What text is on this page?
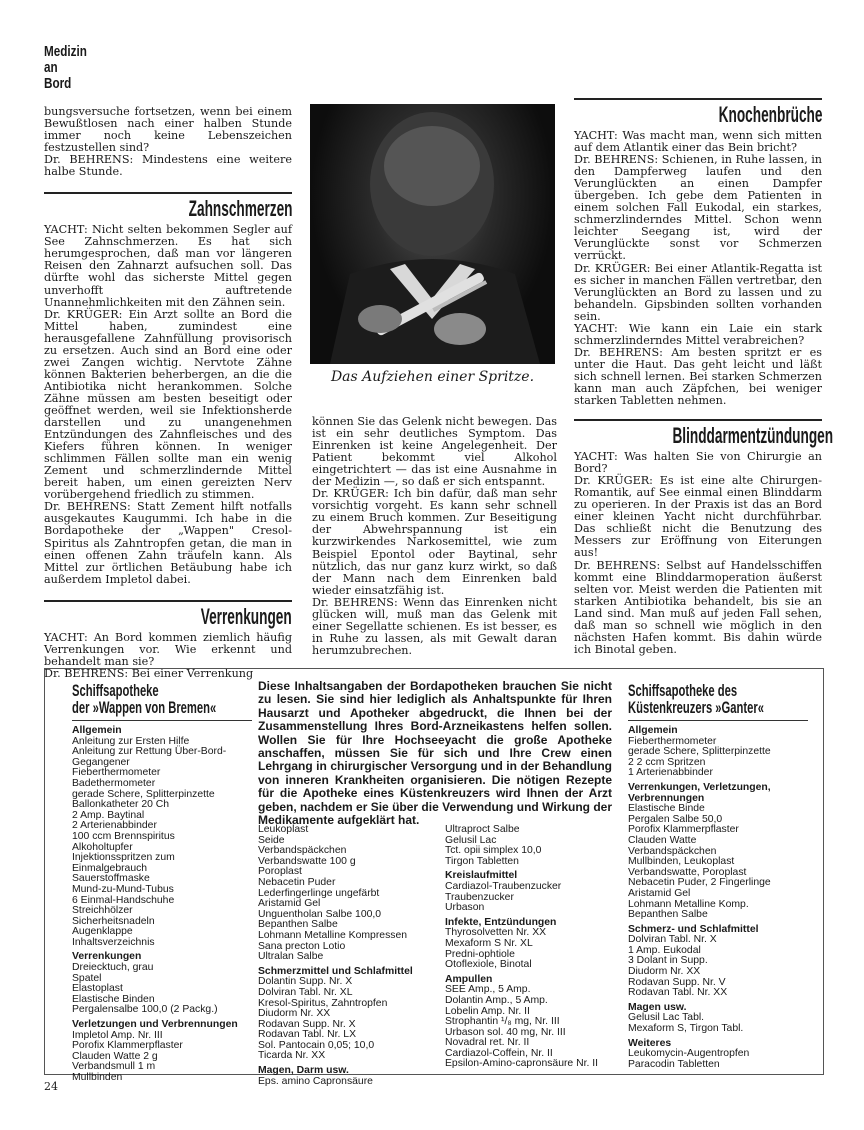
Medizin
an
Bord

bungsversuche fortsetzen, wenn bei einem Bewußtlosen nach einer halben Stunde immer noch keine Lebenszeichen festzustellen sind?

Dr. BEHRENS: Mindestens eine weitere halbe Stunde.

Zahnschmerzen

YACHT: Nicht selten bekommen Segler auf See Zahnschmerzen. Es hat sich herumgesprochen, daß man vor längeren Reisen den Zahnarzt aufsuchen soll. Das dürfte wohl das sicherste Mittel gegen unverhofft auftretende Unannehmlichkeiten mit den Zähnen sein.

Dr. KRÜGER: Ein Arzt sollte an Bord die Mittel haben, zumindest eine herausgefallene Zahnfüllung provisorisch zu ersetzen. Auch sind an Bord eine oder zwei Zangen wichtig. Nervtote Zähne können Bakterien beherbergen, an die die Antibiotika nicht herankommen. Solche Zähne müssen am besten beseitigt oder geöffnet werden, weil sie Infektionsherde darstellen und zu unangenehmen Entzündungen des Zahnfleisches und des Kiefers führen können. In weniger schlimmen Fällen sollte man ein wenig Zement und schmerzlindernde Mittel bereit haben, um einen gereizten Nerv vorübergehend friedlich zu stimmen.

Dr. BEHRENS: Statt Zement hilft notfalls ausgekautes Kaugummi. Ich habe in die Bordapotheke der „Wappen" Cresol-Spiritus als Zahntropfen getan, die man in einen offenen Zahn träufeln kann. Als Mittel zur örtlichen Betäubung habe ich außerdem Impletol dabei.

Verrenkungen

YACHT: An Bord kommen ziemlich häufig Verrenkungen vor. Wie erkennt und behandelt man sie?

Dr. BEHRENS: Bei einer Verrenkung

Das Aufziehen einer Spritze.

können Sie das Gelenk nicht bewegen. Das ist ein sehr deutliches Symptom. Das Einrenken ist keine Angelegenheit. Der Patient bekommt viel Alkohol eingetrichtert — das ist eine Ausnahme in der Medizin —, so daß er sich entspannt.

Dr. KRÜGER: Ich bin dafür, daß man sehr vorsichtig vorgeht. Es kann sehr schnell zu einem Bruch kommen. Zur Beseitigung der Abwehrspannung ist ein kurzwirkendes Narkosemittel, wie zum Beispiel Epontol oder Baytinal, sehr nützlich, das nur ganz kurz wirkt, so daß der Mann nach dem Einrenken bald wieder einsatzfähig ist.

Dr. BEHRENS: Wenn das Einrenken nicht glücken will, muß man das Gelenk mit einer Segellatte schienen. Es ist besser, es in Ruhe zu lassen, als mit Gewalt daran herumzubrechen.

Knochenbrüche

YACHT: Was macht man, wenn sich mitten auf dem Atlantik einer das Bein bricht?

Dr. BEHRENS: Schienen, in Ruhe lassen, in den Dampferweg laufen und den Verunglückten an einen Dampfer übergeben. Ich gebe dem Patienten in einem solchen Fall Eukodal, ein starkes, schmerzlinderndes Mittel. Schon wenn leichter Seegang ist, wird der Verunglückte sonst vor Schmerzen verrückt.

Dr. KRÜGER: Bei einer Atlantik-Regatta ist es sicher in manchen Fällen vertretbar, den Verunglückten an Bord zu lassen und zu behandeln. Gipsbinden sollten vorhanden sein.

YACHT: Wie kann ein Laie ein stark schmerzlinderndes Mittel verabreichen?

Dr. BEHRENS: Am besten spritzt er es unter die Haut. Das geht leicht und läßt sich schnell lernen. Bei starken Schmerzen kann man auch Zäpfchen, bei weniger starken Tabletten nehmen.

Blinddarmentzündungen

YACHT: Was halten Sie von Chirurgie an Bord?

Dr. KRÜGER: Es ist eine alte Chirurgen-Romantik, auf See einmal einen Blinddarm zu operieren. In der Praxis ist das an Bord einer kleinen Yacht nicht durchführbar. Das schließt nicht die Benutzung des Messers zur Eröffnung von Eiterungen aus!

Dr. BEHRENS: Selbst auf Handelsschiffen kommt eine Blinddarmoperation äußerst selten vor. Meist werden die Patienten mit starken Antibiotika behandelt, bis sie an Land sind. Man muß auf jeden Fall sehen, daß man so schnell wie möglich in den nächsten Hafen kommt. Bis dahin würde ich Binotal geben.

Schiffsapotheke
der »Wappen von Bremen«
Allgemein
Anleitung zur Ersten Hilfe
Anleitung zur Rettung Über-Bord-Gegangener
Fieberthermometer
Badethermometer
gerade Schere, Splitterpinzette
Ballonkatheter 20 Ch
2 Amp. Baytinal
2 Arterienabbinder
100 ccm Brennspiritus
Alkoholtupfer
Injektionsspritzen zum Einmalgebrauch
Sauerstoffmaske
Mund-zu-Mund-Tubus
6 Einmal-Handschuhe
Streichhölzer
Sicherheitsnadeln
Augenklappe
Inhaltsverzeichnis
Verrenkungen
Dreiecktuch, grau
Spatel
Elastoplast
Elastische Binden
Pergalensalbe 100,0 (2 Packg.)
Verletzungen und Verbrennungen
Impletol Amp. Nr. III
Porofix Klammerpflaster
Clauden Watte 2 g
Verbandsmull 1 m
Mullbinden
Diese Inhaltsangaben der Bordapotheken brauchen Sie nicht zu lesen. Sie sind hier lediglich als Anhaltspunkte für Ihren Hausarzt und Apotheker abgedruckt, die Ihnen bei der Zusammenstellung Ihres Bord-Arzneikastens helfen sollen. Wollen Sie für Ihre Hochseeyacht die große Apotheke anschaffen, müssen Sie für sich und Ihre Crew einen Lehrgang in chirurgischer Versorgung und in der Behandlung von inneren Krankheiten organisieren. Die nötigen Rezepte für die Apotheke eines Küstenkreuzers wird Ihnen der Arzt geben, nachdem er Sie über die Verwendung und Wirkung der Medikamente aufgeklärt hat.
Leukoplast
Seide
Verbandspäckchen
Verbandswatte 100 g
Poroplast
Nebacetin Puder
Lederfingerlinge ungefärbt
Aristamid Gel
Unguentholan Salbe 100,0
Bepanthen Salbe
Lohmann Metalline Kompressen
Sana precton Lotio
Ultralan Salbe
Schmerzmittel und Schlafmittel
Dolantin Supp. Nr. X
Dolviran Tabl. Nr. XL
Kresol-Spiritus, Zahntropfen
Diudorm Nr. XX
Rodavan Supp. Nr. X
Rodavan Tabl. Nr. LX
Sol. Pantocain 0,05; 10,0
Ticarda Nr. XX
Magen, Darm usw.
Eps. amino Capronsäure
Ultraproct Salbe
Gelusil Lac
Tct. opii simplex 10,0
Tirgon Tabletten
Kreislaufmittel
Cardiazol-Traubenzucker
Traubenzucker
Urbason
Infekte, Entzündungen
Thyrosolvetten Nr. XX
Mexaform S Nr. XL
Predni-ophtiole
Otoflexiole, Binotal
Ampullen
SEE Amp., 5 Amp.
Dolantin Amp., 5 Amp.
Lobelin Amp. Nr. II
Strophantin ¹/₈ mg, Nr. III
Urbason sol. 40 mg, Nr. III
Novadral ret. Nr. II
Cardiazol-Coffein, Nr. II
Epsilon-Amino-capronsäure Nr. II
Schiffsapotheke des
Küstenkreuzers »Ganter«
Allgemein
Fieberthermometer
gerade Schere, Splitterpinzette
2 2 ccm Spritzen
1 Arterienabbinder
Verrenkungen, Verletzungen, Verbrennungen
Elastische Binde
Pergalen Salbe 50,0
Porofix Klammerpflaster
Clauden Watte
Verbandspäckchen
Mullbinden, Leukoplast
Verbandswatte, Poroplast
Nebacetin Puder, 2 Fingerlinge
Aristamid Gel
Lohmann Metalline Komp.
Bepanthen Salbe
Schmerz- und Schlafmittel
Dolviran Tabl. Nr. X
1 Amp. Eukodal
3 Dolant in Supp.
Diudorm Nr. XX
Rodavan Supp. Nr. V
Rodavan Tabl. Nr. XX
Magen usw.
Gelusil Lac Tabl.
Mexaform S, Tirgon Tabl.
Weiteres
Leukomycin-Augentropfen
Paracodin Tabletten
24
